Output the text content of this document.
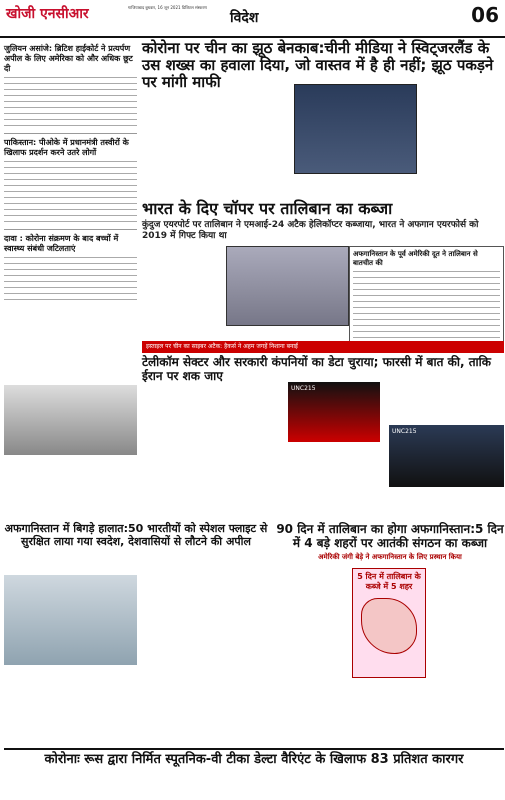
खोजी एनसीआर	गाजियाबाद बुधवार, 16 जून 2021 डिजिटल संस्करण
विदेश	06
जुलियन असांजे: ब्रिटिश हाईकोर्ट ने प्रत्यर्पण अपील के लिए अमेरिका को और अधिक छूट दी
पाकिस्तान: पीओके में प्रधानमंत्री तस्वीरों के खिलाफ प्रदर्शन करने उतरे लोगों
दावा : कोरोना संक्रमण के बाद बच्चों में स्वास्थ्य संबंधी जटिलताएं
कोरोना पर चीन का झूठ बेनकाब:चीनी मीडिया ने स्विट्जरलैंड के उस शख्स का हवाला दिया, जो वास्तव में है ही नहीं; झूठ पकड़ने पर मांगी माफी
भारत के दिए चॉपर पर तालिबान का कब्जा
कुंदुज एयरपोर्ट पर तालिबान ने एमआई-24 अटैक हेलिकॉप्टर कब्जाया, भारत ने अफगान एयरफोर्स को 2019 में गिफ्ट किया था
अफगानिस्तान के पूर्व अमेरिकी दूत ने तालिबान से बातचीत की
इस्ताइल पर चीन का साइबर अटैक: हैकर्स ने अहम जगहें निशाना बनाईं
टेलीकॉम सेक्टर और सरकारी कंपनियों का डेटा चुराया; फारसी में बात की, ताकि ईरान पर शक जाए
UNC215
UNC215
अफगानिस्तान में बिगड़े हालात:50 भारतीयों को स्पेशल फ्लाइट से सुरक्षित लाया गया स्वदेश, देशवासियों से लौटने की अपील
90 दिन में तालिबान का होगा अफगानिस्तान:5 दिन में 4 बड़े शहरों पर आतंकी संगठन का कब्जा
अमेरिकी जंगी बेड़े ने अफगानिस्तान के लिए प्रस्थान किया
5 दिन में तालिबान के कब्जे में 5 शहर
कोरोनाः रूस द्वारा निर्मित स्पूतनिक-वी टीका डेल्टा वैरिएंट के खिलाफ 83 प्रतिशत कारगर
